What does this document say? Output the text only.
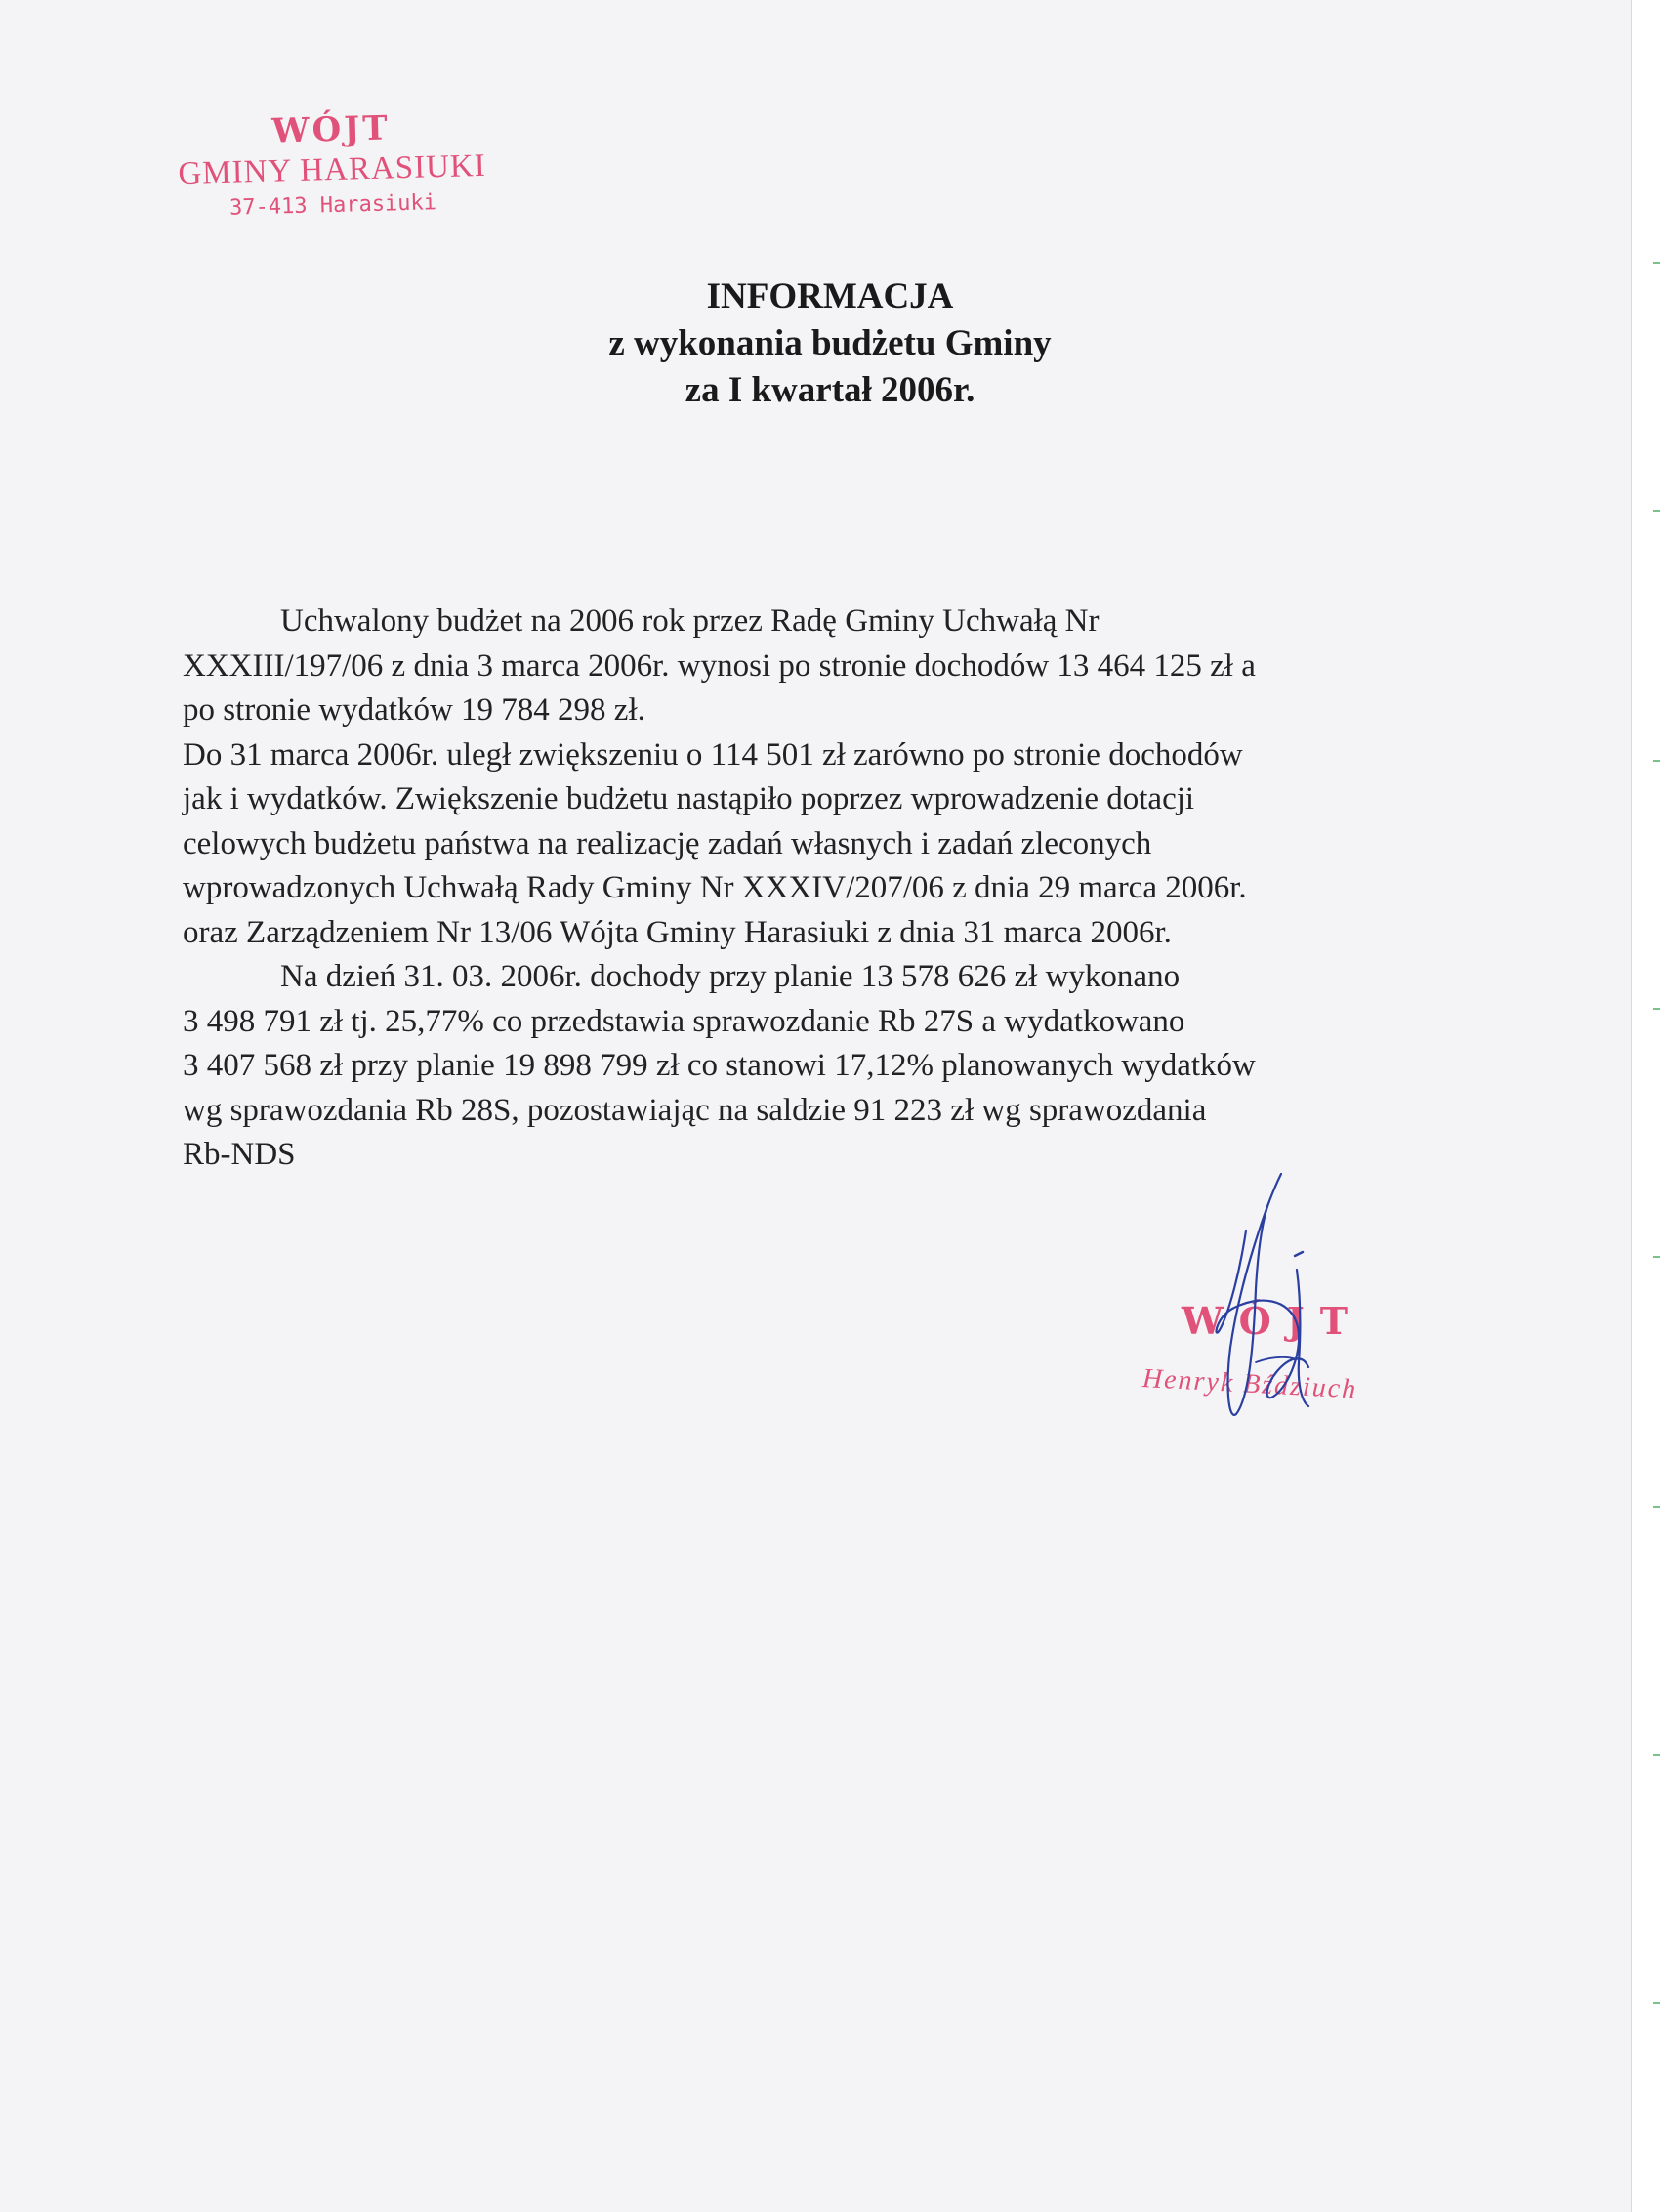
WÓJT
GMINY HARASIUKI
37-413 Harasiuki
INFORMACJA
z wykonania budżetu Gminy
za I kwartał 2006r.
Uchwalony budżet na 2006 rok przez Radę Gminy Uchwałą Nr
XXXIII/197/06 z dnia 3 marca 2006r. wynosi po stronie dochodów 13 464 125 zł a
po stronie wydatków 19 784 298 zł.
Do 31 marca 2006r. uległ zwiększeniu o 114 501 zł zarówno po stronie dochodów
jak i wydatków. Zwiększenie budżetu nastąpiło poprzez wprowadzenie dotacji
celowych budżetu państwa na realizację zadań własnych i zadań zleconych
wprowadzonych Uchwałą Rady Gminy Nr XXXIV/207/06 z dnia 29 marca 2006r.
oraz Zarządzeniem Nr 13/06 Wójta Gminy Harasiuki z dnia 31 marca 2006r.
Na dzień 31. 03. 2006r. dochody przy planie 13 578 626 zł wykonano
3 498 791 zł tj. 25,77% co przedstawia sprawozdanie Rb 27S a wydatkowano
3 407 568 zł przy planie 19 898 799 zł co stanowi 17,12% planowanych wydatków
wg sprawozdania Rb 28S, pozostawiając na saldzie 91 223 zł wg sprawozdania
Rb-NDS
WÓJT
Henryk Bździuch
